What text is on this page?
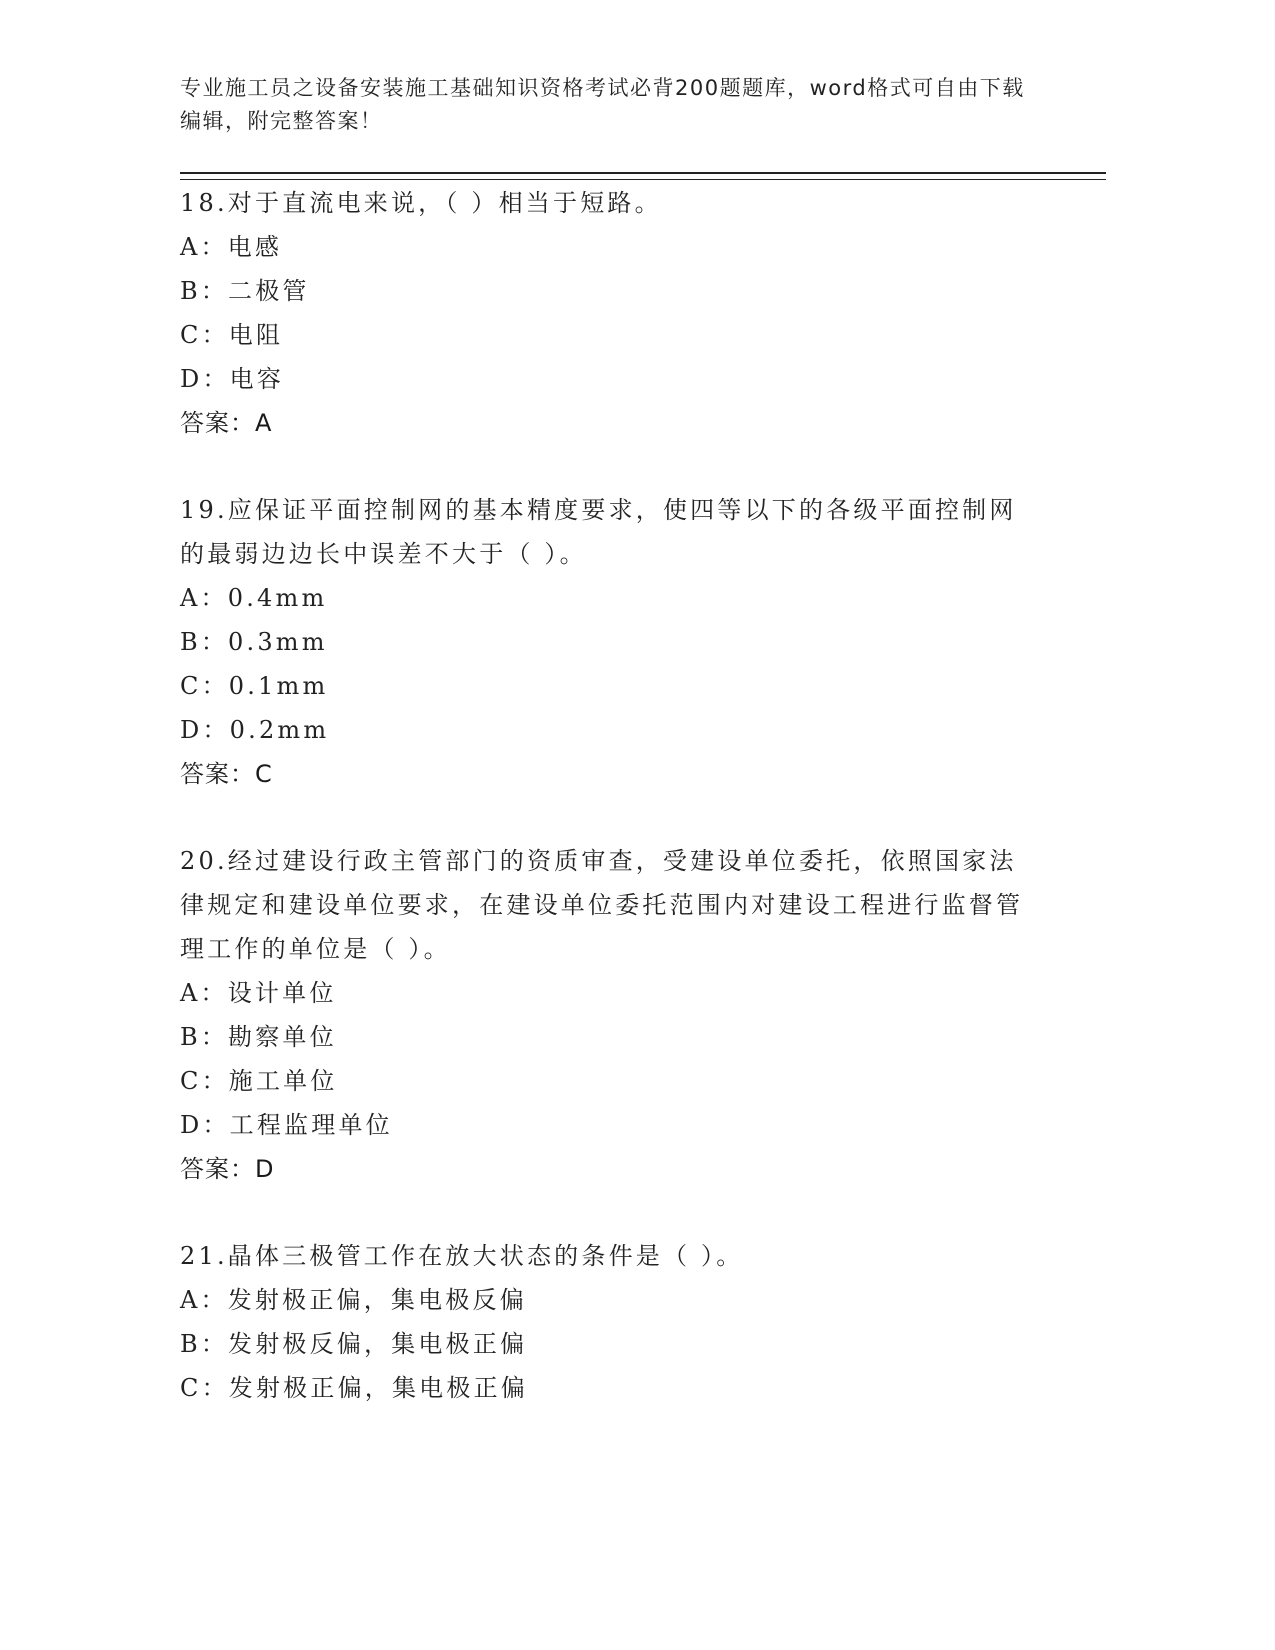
专业施工员之设备安装施工基础知识资格考试必背200题题库，word格式可自由下载编辑，附完整答案！
18.对于直流电来说，（ ）相当于短路。
A：电感
B：二极管
C：电阻
D：电容
答案：A
19.应保证平面控制网的基本精度要求，使四等以下的各级平面控制网的最弱边边长中误差不大于（ ）。
A：0.4mm
B：0.3mm
C：0.1mm
D：0.2mm
答案：C
20.经过建设行政主管部门的资质审查，受建设单位委托，依照国家法律规定和建设单位要求，在建设单位委托范围内对建设工程进行监督管理工作的单位是（ ）。
A：设计单位
B：勘察单位
C：施工单位
D：工程监理单位
答案：D
21.晶体三极管工作在放大状态的条件是（ ）。
A：发射极正偏，集电极反偏
B：发射极反偏，集电极正偏
C：发射极正偏，集电极正偏
